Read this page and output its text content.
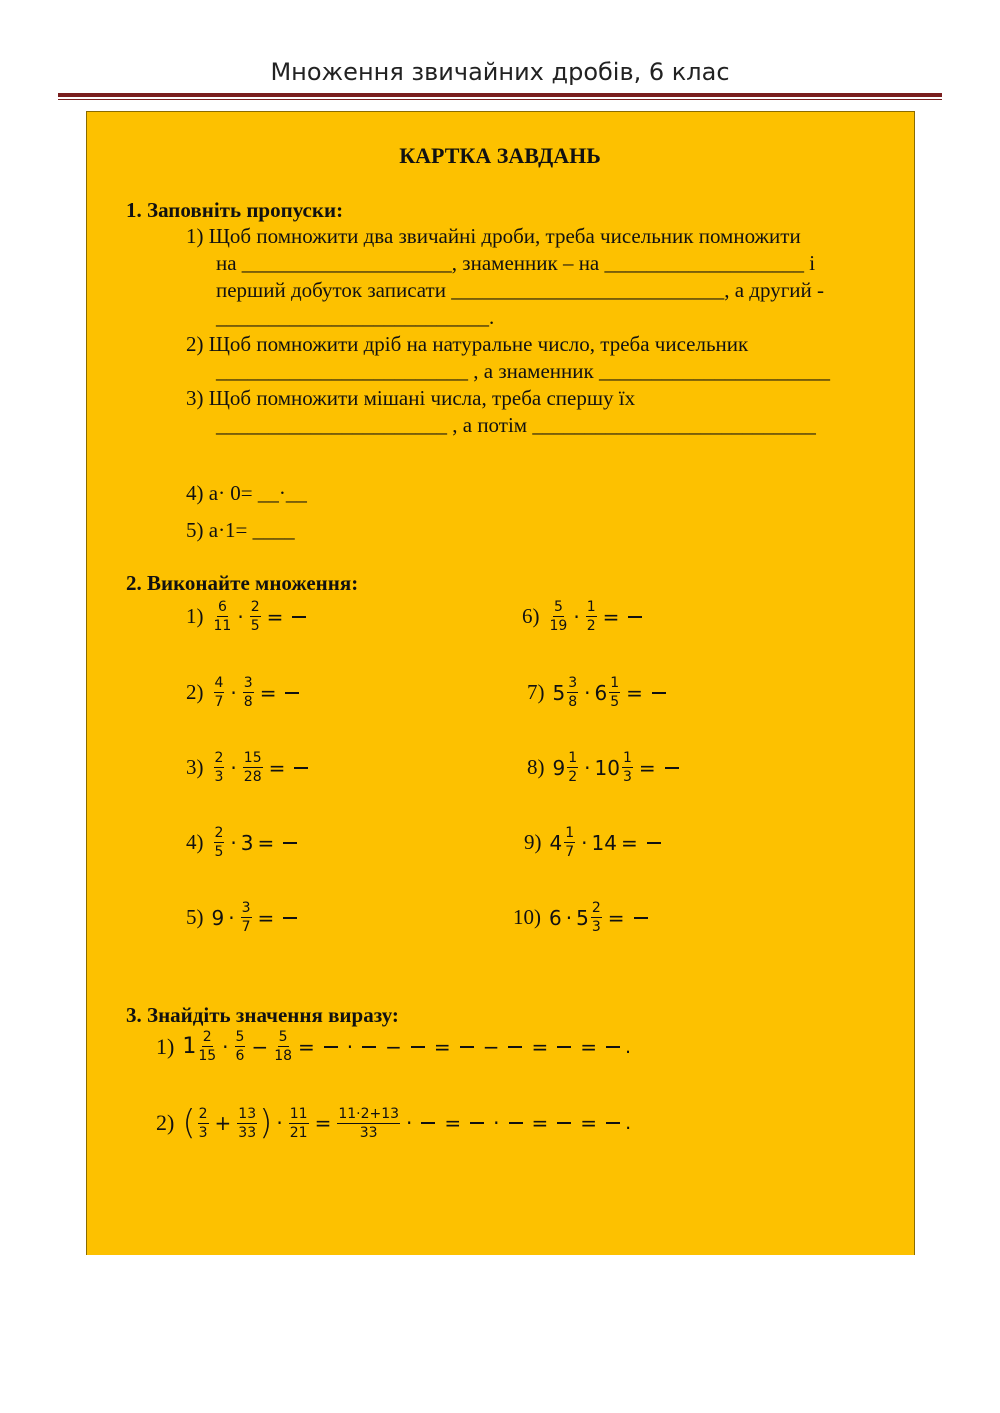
Множення звичайних дробів, 6 клас
КАРТКА ЗАВДАНЬ
1. Заповніть пропуски:
1) Щоб помножити два звичайні дроби, треба чисельник помножити
на ____________________, знаменник – на ___________________ і
перший добуток записати __________________________, а другий -
__________________________.
2) Щоб помножити дріб на натуральне число, треба чисельник
________________________ , а знаменник ______________________
3) Щоб помножити мішані числа, треба спершу їх
______________________ , а потім ___________________________
4) a· 0= __·__
5) a·1= ____
2. Виконайте множення:
1) 6
$11 \cdot \frac{2}{5}$ =
2) 4
$7 \cdot \frac{3}{8}$ =
3) 2
$3 \cdot \frac{15}{28}$ =
4) 2
5 · 3 =
5) $9 \cdot \frac{3}{7}$ =
6) 5
$19 \cdot \frac{1}{2}$ =
7) 5 3
$8 \cdot 6 \frac{1}{5}$ =
8) 9 1
$2 \cdot 10 \frac{1}{3}$ =
9) 4 1
7 · 14 =
10) $6 \cdot 5 \frac{2}{3}$ =
3. Знайдіть значення виразу:
1) 1 2
15 · 5
$6 - \frac{5}{18}$ = · − = − = = .
2) ( 2
$3 + \frac{13}{33}$ ) · $\frac{11}{21} = \frac{11\cdot 2+13}{33}$ · = · = = .
